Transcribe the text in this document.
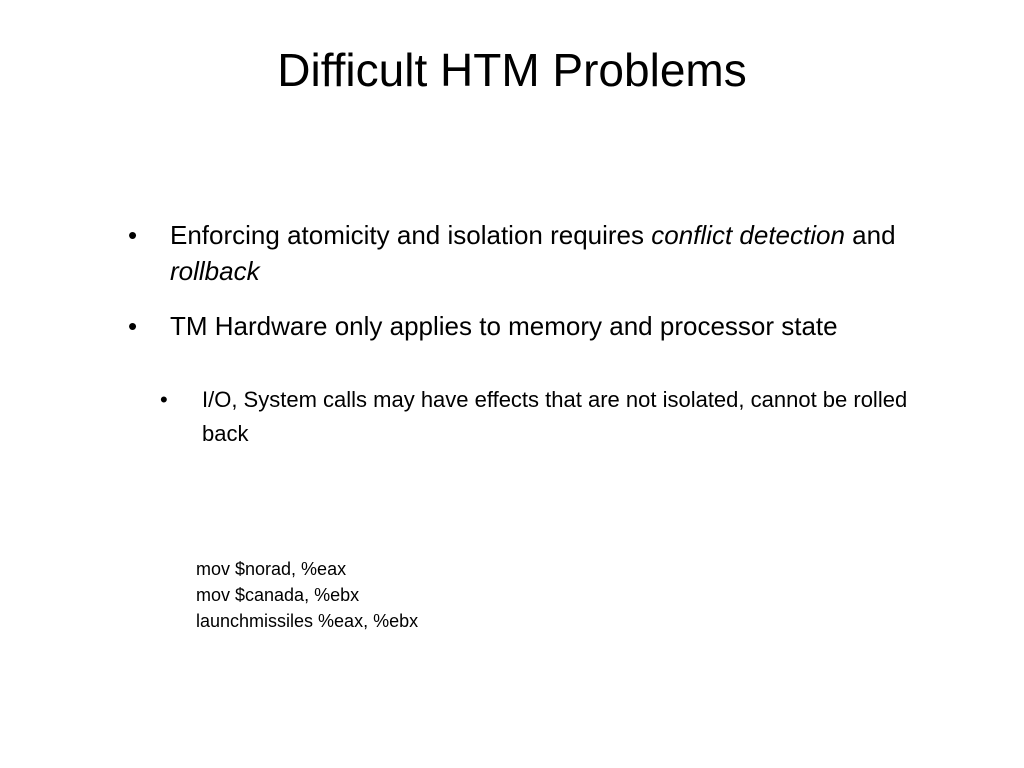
Difficult HTM Problems
• Enforcing atomicity and isolation requires conflict detection and rollback
• TM Hardware only applies to memory and processor state
• I/O, System calls may have effects that are not isolated, cannot be rolled back
mov $norad, %eax
mov $canada, %ebx
launchmissiles %eax, %ebx
